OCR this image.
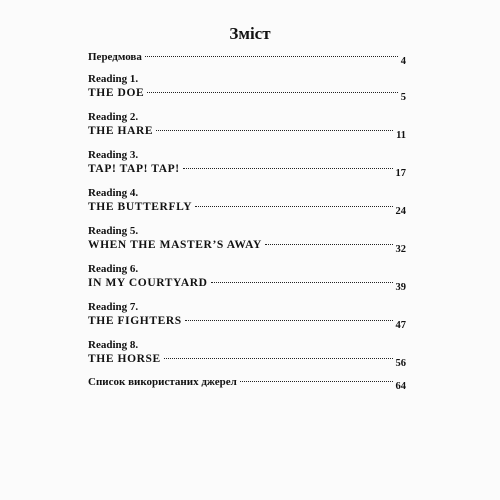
Зміст
Передмова	4
Reading 1.
THE DOE	5
Reading 2.
THE HARE	11
Reading 3.
TAP! TAP! TAP!	17
Reading 4.
THE BUTTERFLY	24
Reading 5.
WHEN THE MASTER’S AWAY	32
Reading 6.
IN MY COURTYARD	39
Reading 7.
THE FIGHTERS	47
Reading 8.
THE HORSE	56
Список використаних джерел	64
